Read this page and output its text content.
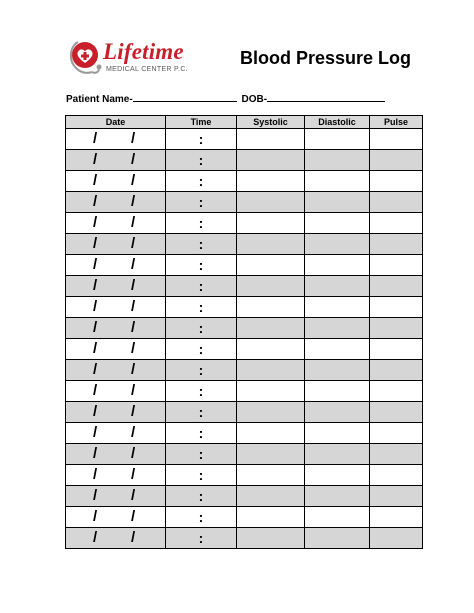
Lifetime
MEDICAL CENTER P.C.
Blood Pressure Log
Patient Name-	DOB-
Date	Time	Systolic	Diastolic	Pulse

/ /	:			

/ /	:			

/ /	:			

/ /	:			

/ /	:			

/ /	:			

/ /	:			

/ /	:			

/ /	:			

/ /	:			

/ /	:			

/ /	:			

/ /	:			

/ /	:			

/ /	:			

/ /	:			

/ /	:			

/ /	:			

/ /	:			

/ /	:			
